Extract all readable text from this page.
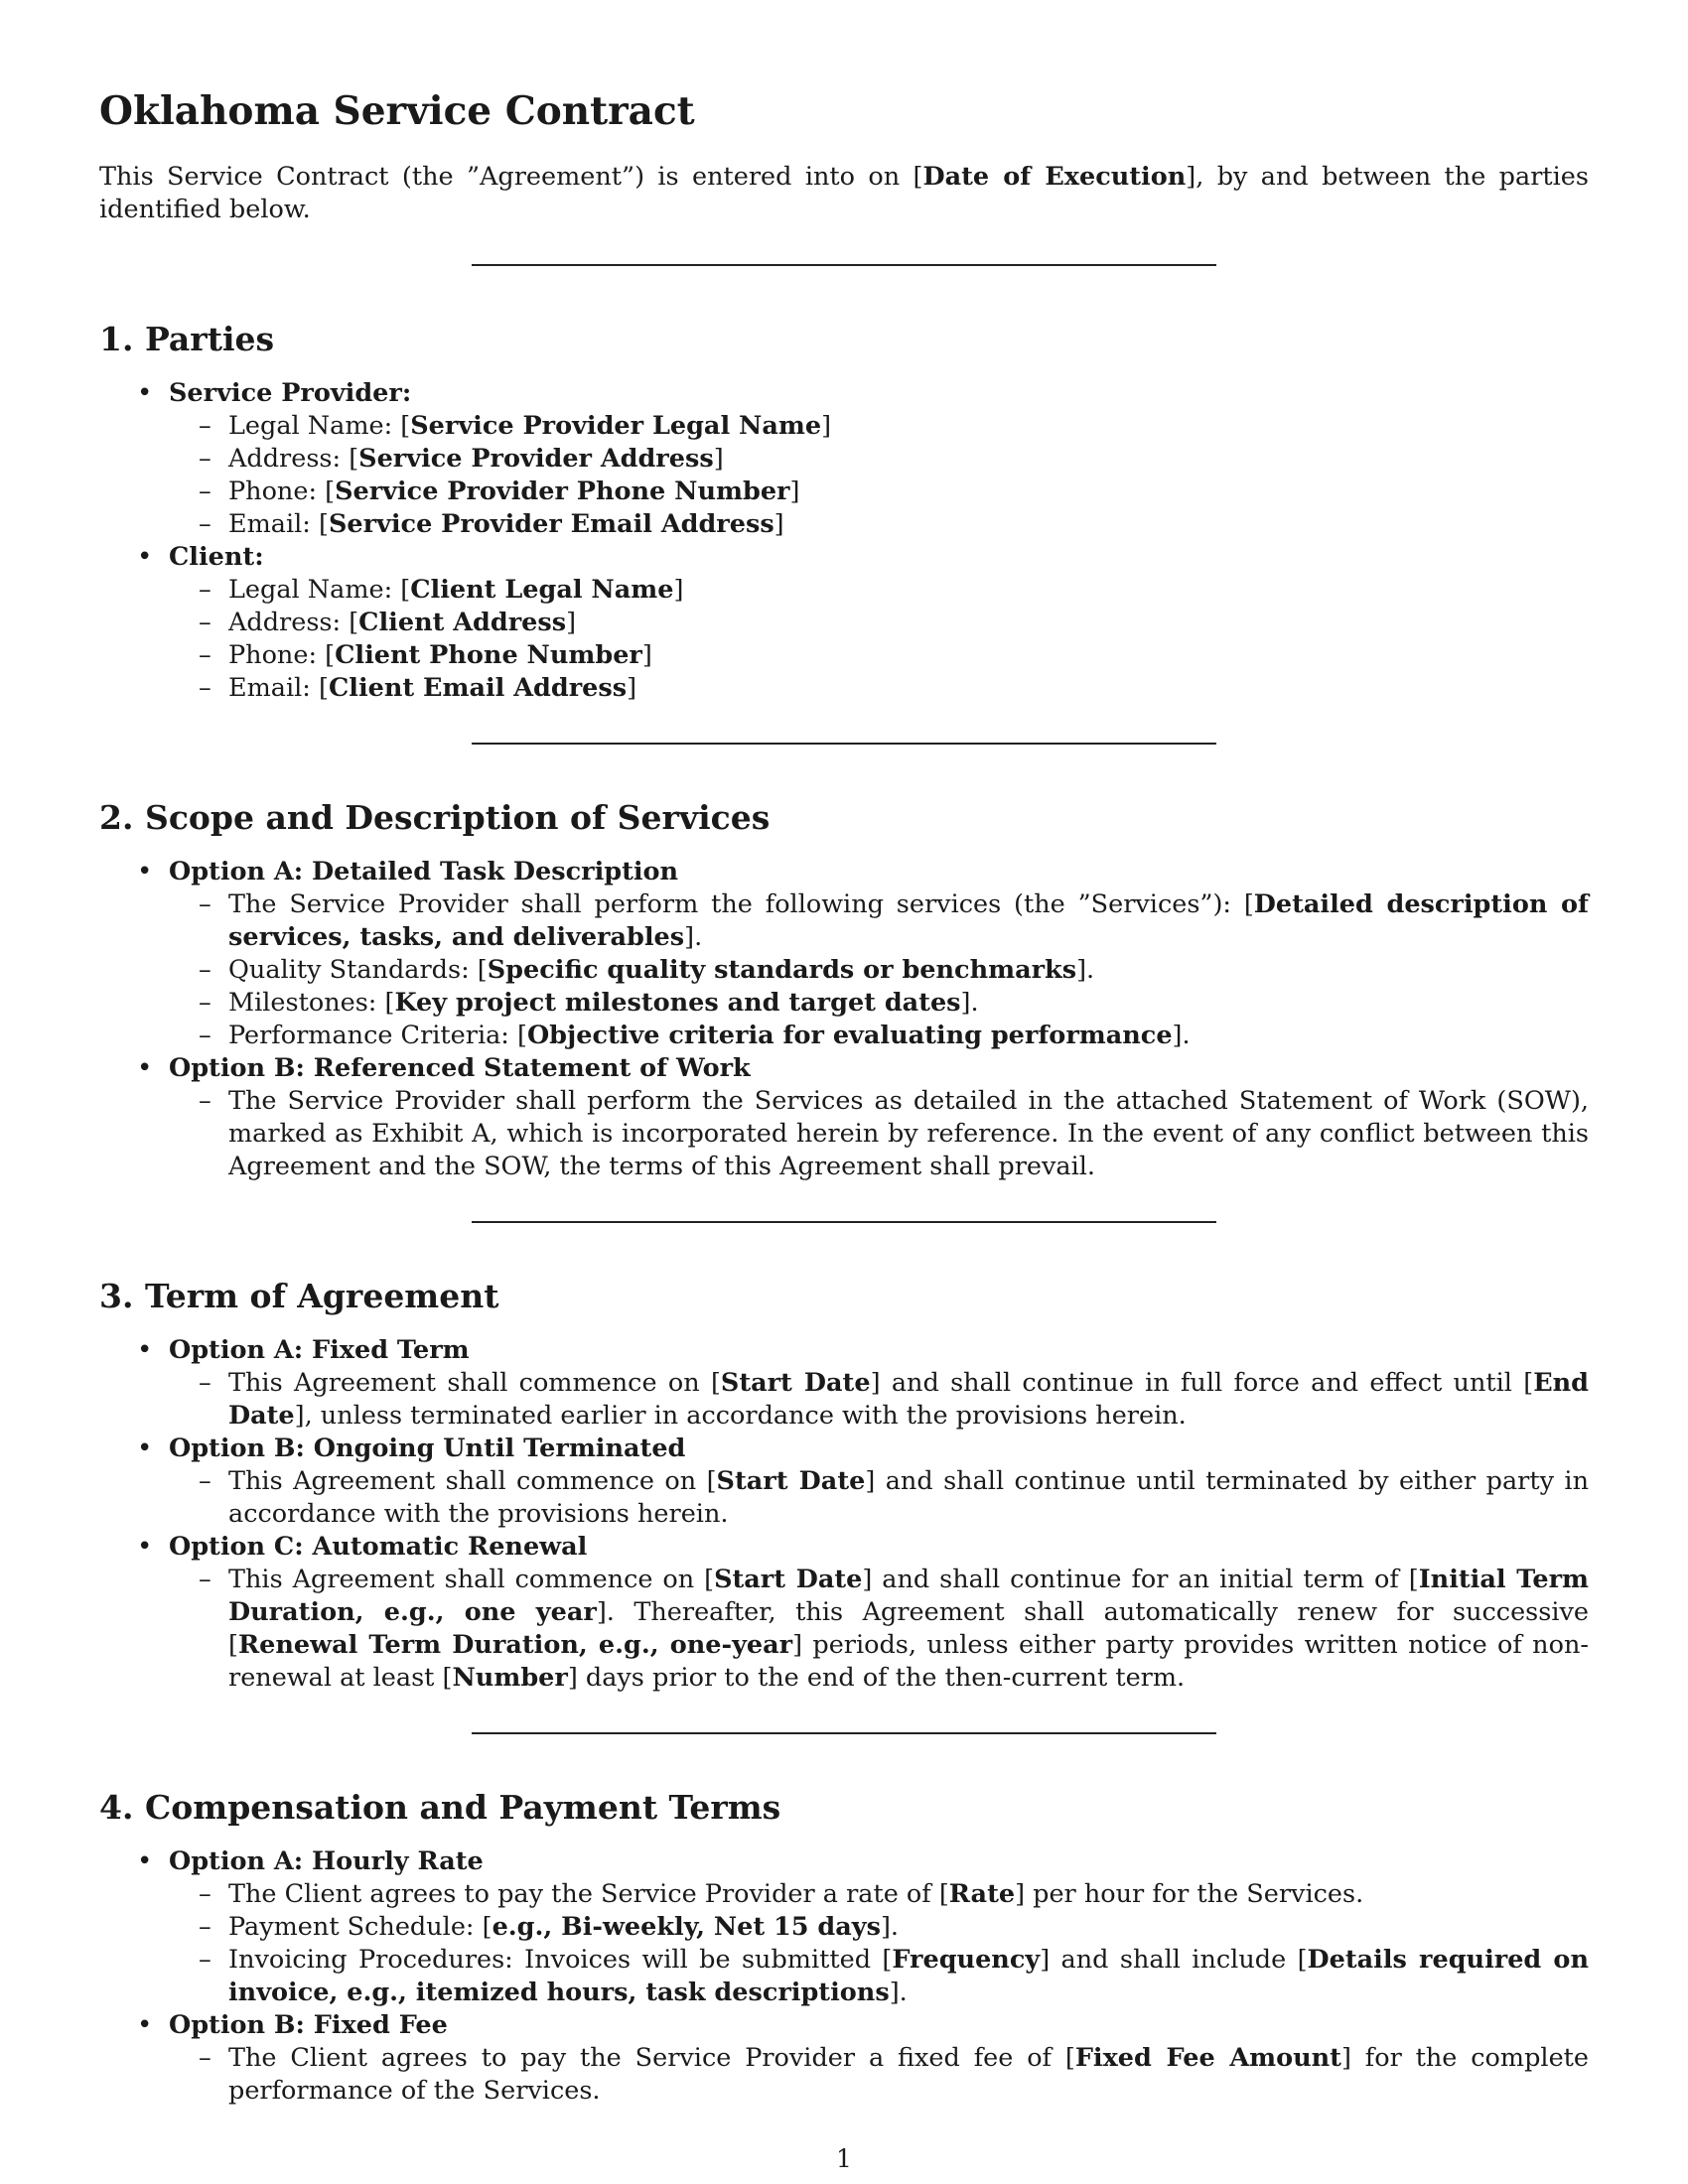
Oklahoma Service Contract

This Service Contract (the ”Agreement”) is entered into on [Date of Execution], by and between the parties identified below.

1. Parties
• Service Provider:
– Legal Name: [Service Provider Legal Name]
– Address: [Service Provider Address]
– Phone: [Service Provider Phone Number]
– Email: [Service Provider Email Address]
• Client:
– Legal Name: [Client Legal Name]
– Address: [Client Address]
– Phone: [Client Phone Number]
– Email: [Client Email Address]
2. Scope and Description of Services
• Option A: Detailed Task Description
– The Service Provider shall perform the following services (the ”Services”): [Detailed description of services, tasks, and deliverables].
– Quality Standards: [Specific quality standards or benchmarks].
– Milestones: [Key project milestones and target dates].
– Performance Criteria: [Objective criteria for evaluating performance].
• Option B: Referenced Statement of Work
– The Service Provider shall perform the Services as detailed in the attached Statement of Work (SOW), marked as Exhibit A, which is incorporated herein by reference. In the event of any conflict between this Agreement and the SOW, the terms of this Agreement shall prevail.
3. Term of Agreement
• Option A: Fixed Term
– This Agreement shall commence on [Start Date] and shall continue in full force and effect until [End Date], unless terminated earlier in accordance with the provisions herein.
• Option B: Ongoing Until Terminated
– This Agreement shall commence on [Start Date] and shall continue until terminated by either party in accordance with the provisions herein.
• Option C: Automatic Renewal
– This Agreement shall commence on [Start Date] and shall continue for an initial term of [Initial Term Duration, e.g., one year]. Thereafter, this Agreement shall automatically renew for successive [Renewal Term Duration, e.g., one-year] periods, unless either party provides written notice of non-renewal at least [Number] days prior to the end of the then-current term.
4. Compensation and Payment Terms
• Option A: Hourly Rate
– The Client agrees to pay the Service Provider a rate of [Rate] per hour for the Services.
– Payment Schedule: [e.g., Bi-weekly, Net 15 days].
– Invoicing Procedures: Invoices will be submitted [Frequency] and shall include [Details required on invoice, e.g., itemized hours, task descriptions].
• Option B: Fixed Fee
– The Client agrees to pay the Service Provider a fixed fee of [Fixed Fee Amount] for the complete performance of the Services.
1
